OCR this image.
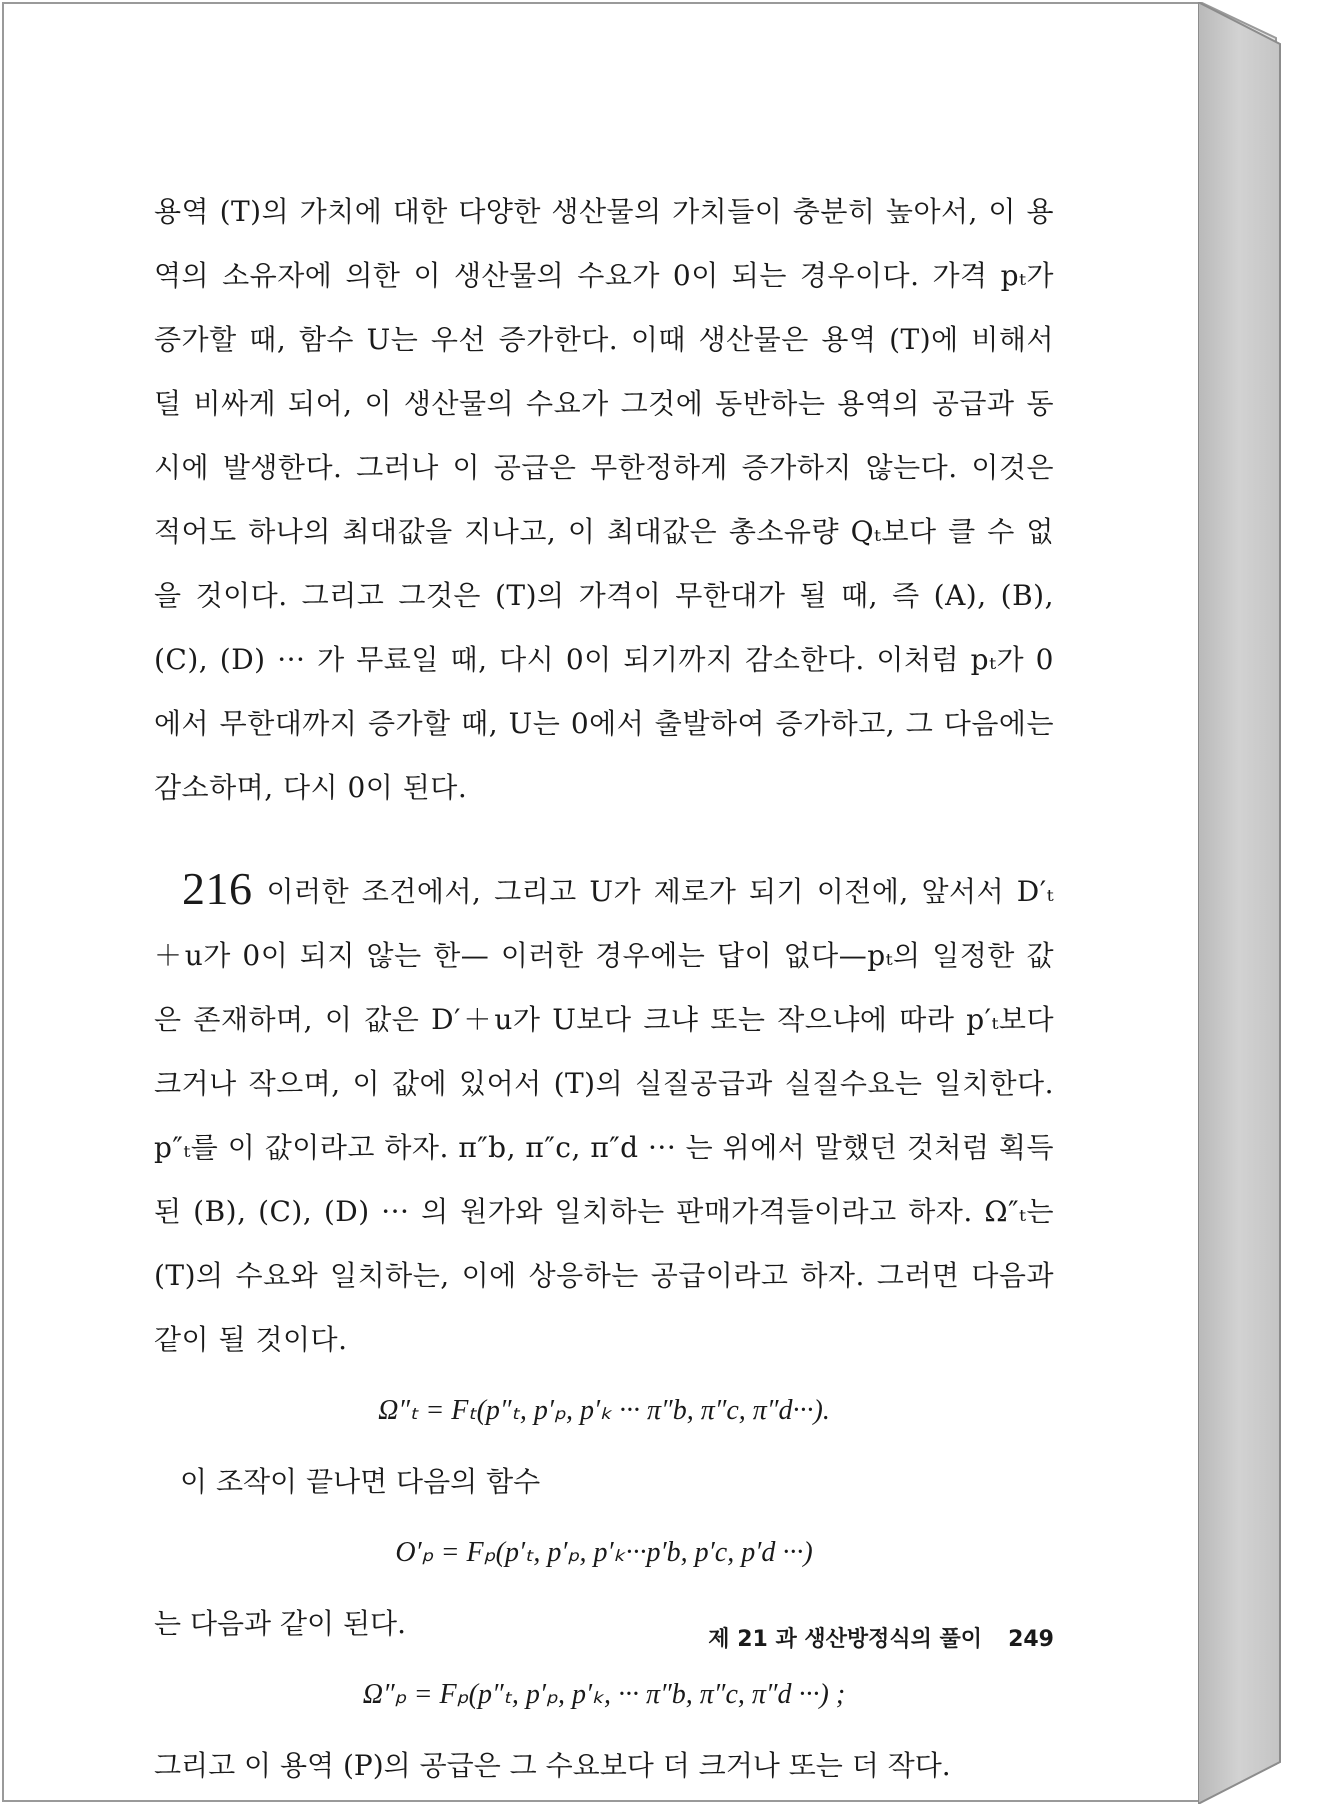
용역 (T)의 가치에 대한 다양한 생산물의 가치들이 충분히 높아서, 이 용역의 소유자에 의한 이 생산물의 수요가 0이 되는 경우이다. 가격 pₜ가 증가할 때, 함수 U는 우선 증가한다. 이때 생산물은 용역 (T)에 비해서 덜 비싸게 되어, 이 생산물의 수요가 그것에 동반하는 용역의 공급과 동시에 발생한다. 그러나 이 공급은 무한정하게 증가하지 않는다. 이것은 적어도 하나의 최대값을 지나고, 이 최대값은 총소유량 Qₜ보다 클 수 없을 것이다. 그리고 그것은 (T)의 가격이 무한대가 될 때, 즉 (A), (B), (C), (D) ··· 가 무료일 때, 다시 0이 되기까지 감소한다. 이처럼 pₜ가 0에서 무한대까지 증가할 때, U는 0에서 출발하여 증가하고, 그 다음에는 감소하며, 다시 0이 된다.

216 이러한 조건에서, 그리고 U가 제로가 되기 이전에, 앞서서 D′ₜ＋u가 0이 되지 않는 한— 이러한 경우에는 답이 없다—pₜ의 일정한 값은 존재하며, 이 값은 D′＋u가 U보다 크냐 또는 작으냐에 따라 p′ₜ보다 크거나 작으며, 이 값에 있어서 (T)의 실질공급과 실질수요는 일치한다. p″ₜ를 이 값이라고 하자. π″b, π″c, π″d ··· 는 위에서 말했던 것처럼 획득된 (B), (C), (D) ··· 의 원가와 일치하는 판매가격들이라고 하자. Ω″ₜ는 (T)의 수요와 일치하는, 이에 상응하는 공급이라고 하자. 그러면 다음과 같이 될 것이다.

Ω″ₜ = Fₜ(p″ₜ, p′ₚ, p′ₖ ··· π″b, π″c, π″d···).

이 조작이 끝나면 다음의 함수

O′ₚ = Fₚ(p′ₜ, p′ₚ, p′ₖ···p′b, p′c, p′d ···)

는 다음과 같이 된다.

Ω″ₚ = Fₚ(p″ₜ, p′ₚ, p′ₖ, ··· π″b, π″c, π″d ···) ;

그리고 이 용역 (P)의 공급은 그 수요보다 더 크거나 또는 더 작다.

제 21 과 생산방정식의 풀이 249
